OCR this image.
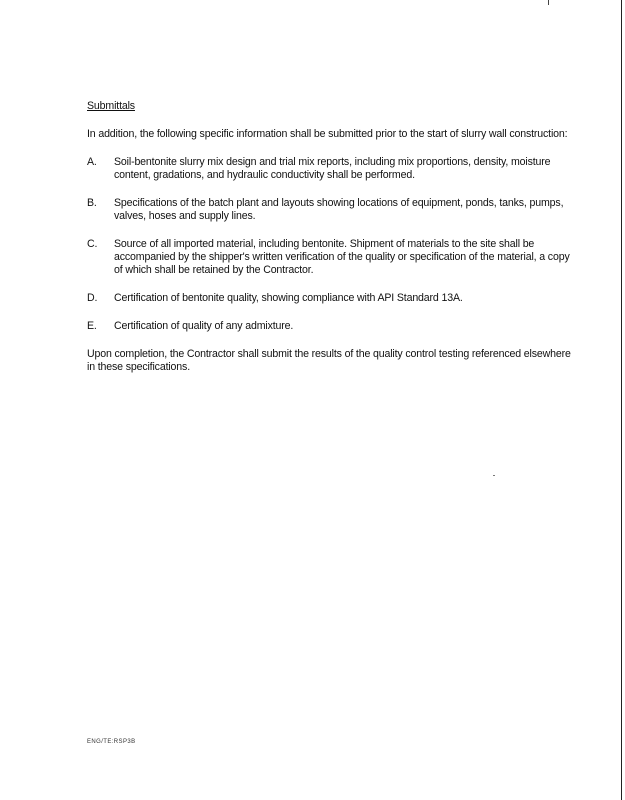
Submittals

In addition, the following specific information shall be submitted prior to the start of slurry wall construction:

A.	Soil-bentonite slurry mix design and trial mix reports, including mix proportions, density, moisture content, gradations, and hydraulic conductivity shall be performed.
B.	Specifications of the batch plant and layouts showing locations of equipment, ponds, tanks, pumps, valves, hoses and supply lines.
C.	Source of all imported material, including bentonite. Shipment of materials to the site shall be accompanied by the shipper's written verification of the quality or specification of the material, a copy of which shall be retained by the Contractor.
D.	Certification of bentonite quality, showing compliance with API Standard 13A.
E.	Certification of quality of any admixture.

Upon completion, the Contractor shall submit the results of the quality control testing referenced elsewhere in these specifications.

ENG/TE:RSP3B
